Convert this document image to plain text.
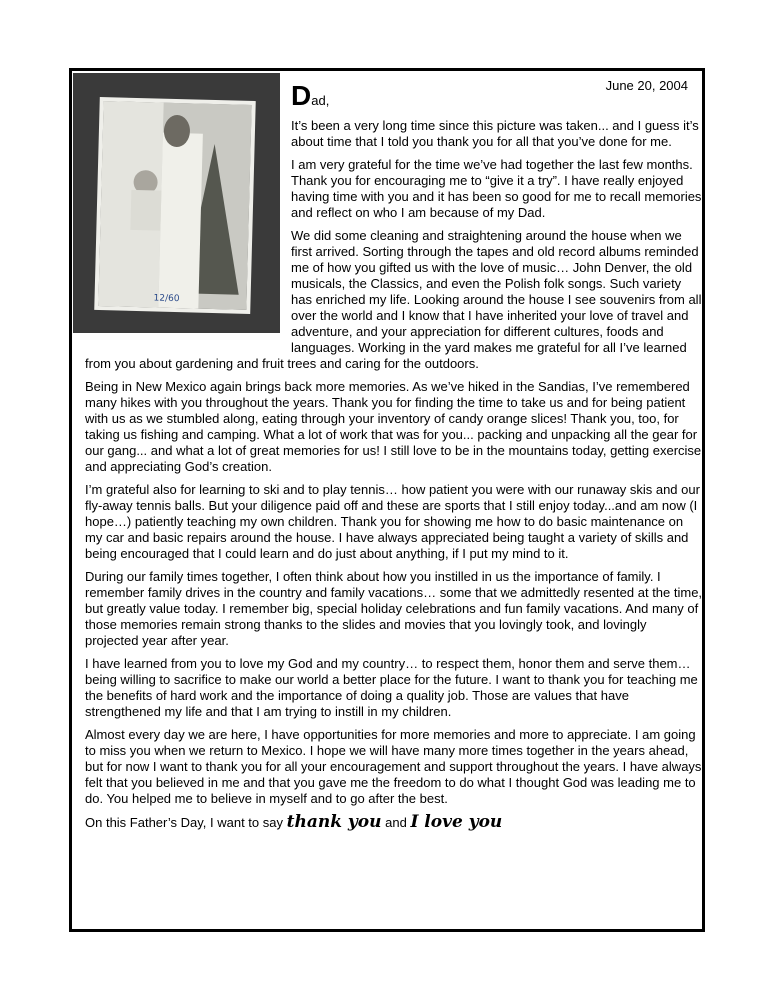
12/60
June 20, 2004
Dad,

It’s been a very long time since this picture was taken... and I guess it’s about time that I told you thank you for all that you’ve done for me.

I am very grateful for the time we’ve had together the last few months. Thank you for encouraging me to “give it a try”. I have really enjoyed having time with you and it has been so good for me to recall memories and reflect on who I am because of my Dad.

We did some cleaning and straightening around the house when we first arrived. Sorting through the tapes and old record albums reminded me of how you gifted us with the love of music… John Denver, the old musicals, the Classics, and even the Polish folk songs. Such variety has enriched my life. Looking around the house I see souvenirs from all over the world and I know that I have inherited your love of travel and adventure, and your appreciation for different cultures, foods and languages. Working in the yard makes me grateful for all I’ve learned from you about gardening and fruit trees and caring for the outdoors.

Being in New Mexico again brings back more memories. As we’ve hiked in the Sandias, I’ve remembered many hikes with you throughout the years. Thank you for finding the time to take us and for being patient with us as we stumbled along, eating through your inventory of candy orange slices! Thank you, too, for taking us fishing and camping. What a lot of work that was for you... packing and unpacking all the gear for our gang... and what a lot of great memories for us! I still love to be in the mountains today, getting exercise and appreciating God’s creation.

I’m grateful also for learning to ski and to play tennis… how patient you were with our runaway skis and our fly-away tennis balls. But your diligence paid off and these are sports that I still enjoy today...and am now (I hope…) patiently teaching my own children. Thank you for showing me how to do basic maintenance on my car and basic repairs around the house. I have always appreciated being taught a variety of skills and being encouraged that I could learn and do just about anything, if I put my mind to it.

During our family times together, I often think about how you instilled in us the importance of family. I remember family drives in the country and family vacations… some that we admittedly resented at the time, but greatly value today. I remember big, special holiday celebrations and fun family vacations. And many of those memories remain strong thanks to the slides and movies that you lovingly took, and lovingly projected year after year.

I have learned from you to love my God and my country… to respect them, honor them and serve them… being willing to sacrifice to make our world a better place for the future. I want to thank you for teaching me the benefits of hard work and the importance of doing a quality job. Those are values that have strengthened my life and that I am trying to instill in my children.

Almost every day we are here, I have opportunities for more memories and more to appreciate. I am going to miss you when we return to Mexico. I hope we will have many more times together in the years ahead, but for now I want to thank you for all your encouragement and support throughout the years. I have always felt that you believed in me and that you gave me the freedom to do what I thought God was leading me to do. You helped me to believe in myself and to go after the best.

On this Father’s Day, I want to say thank you and I love you
